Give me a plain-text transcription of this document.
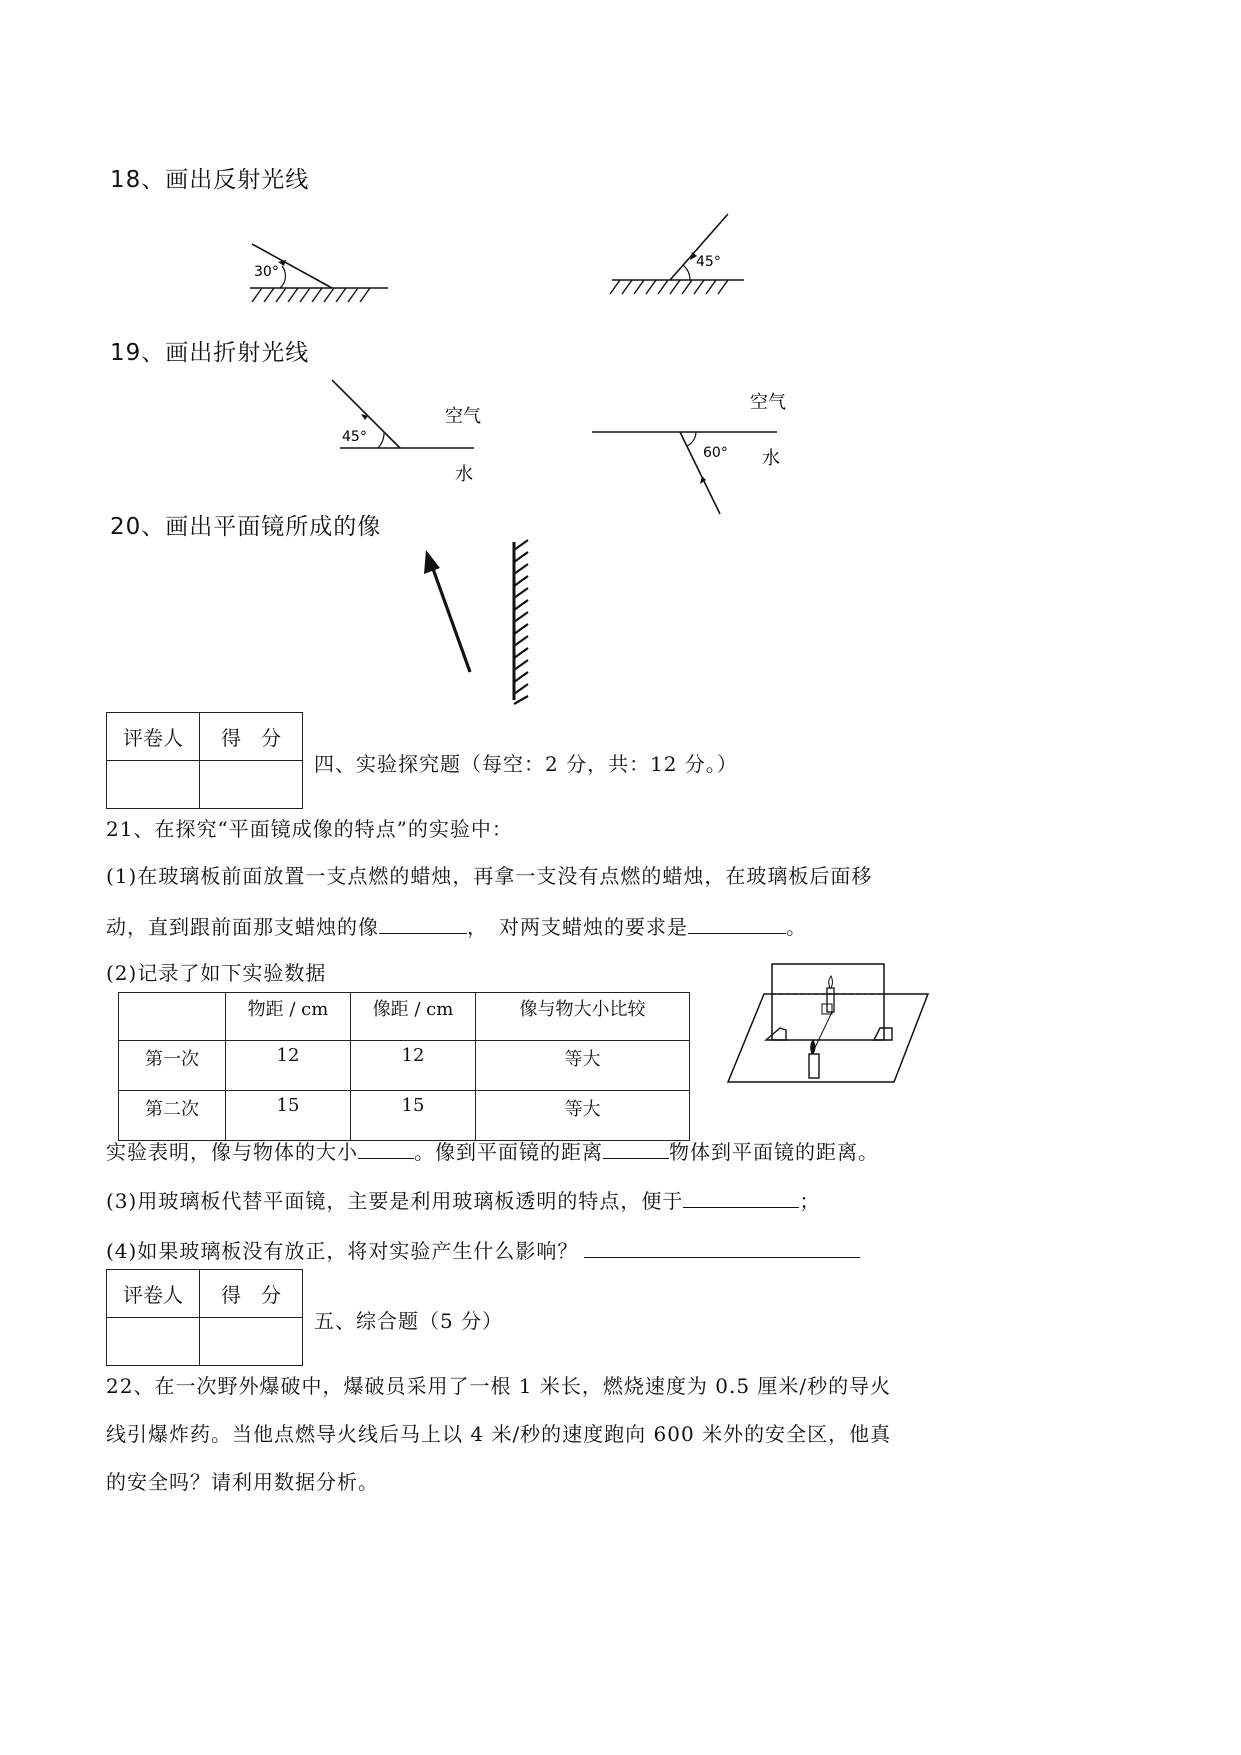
18、画出反射光线
30°
45°
19、画出折射光线
45°
空气
水
60°
空气
水
20、画出平面镜所成的像
评卷人	得　分

四、实验探究题（每空：2 分，共：12 分。）
21、在探究“平面镜成像的特点”的实验中：
(1)在玻璃板前面放置一支点燃的蜡烛，再拿一支没有点燃的蜡烛，在玻璃板后面移
动，直到跟前面那支蜡烛的像	，　对两支蜡烛的要求是	。
(2)记录了如下实验数据
	物距 / cm	像距 / cm	像与物大小比较
第一次	12	12	等大
第二次	15	15	等大
实验表明，像与物体的大小	。像到平面镜的距离	物体到平面镜的距离。
(3)用玻璃板代替平面镜，主要是利用玻璃板透明的特点，便于	；
(4)如果玻璃板没有放正，将对实验产生什么影响？
评卷人	得　分

五、综合题（5 分）
22、在一次野外爆破中，爆破员采用了一根 1 米长，燃烧速度为 0.5 厘米/秒的导火
线引爆炸药。当他点燃导火线后马上以 4 米/秒的速度跑向 600 米外的安全区，他真
的安全吗？请利用数据分析。
